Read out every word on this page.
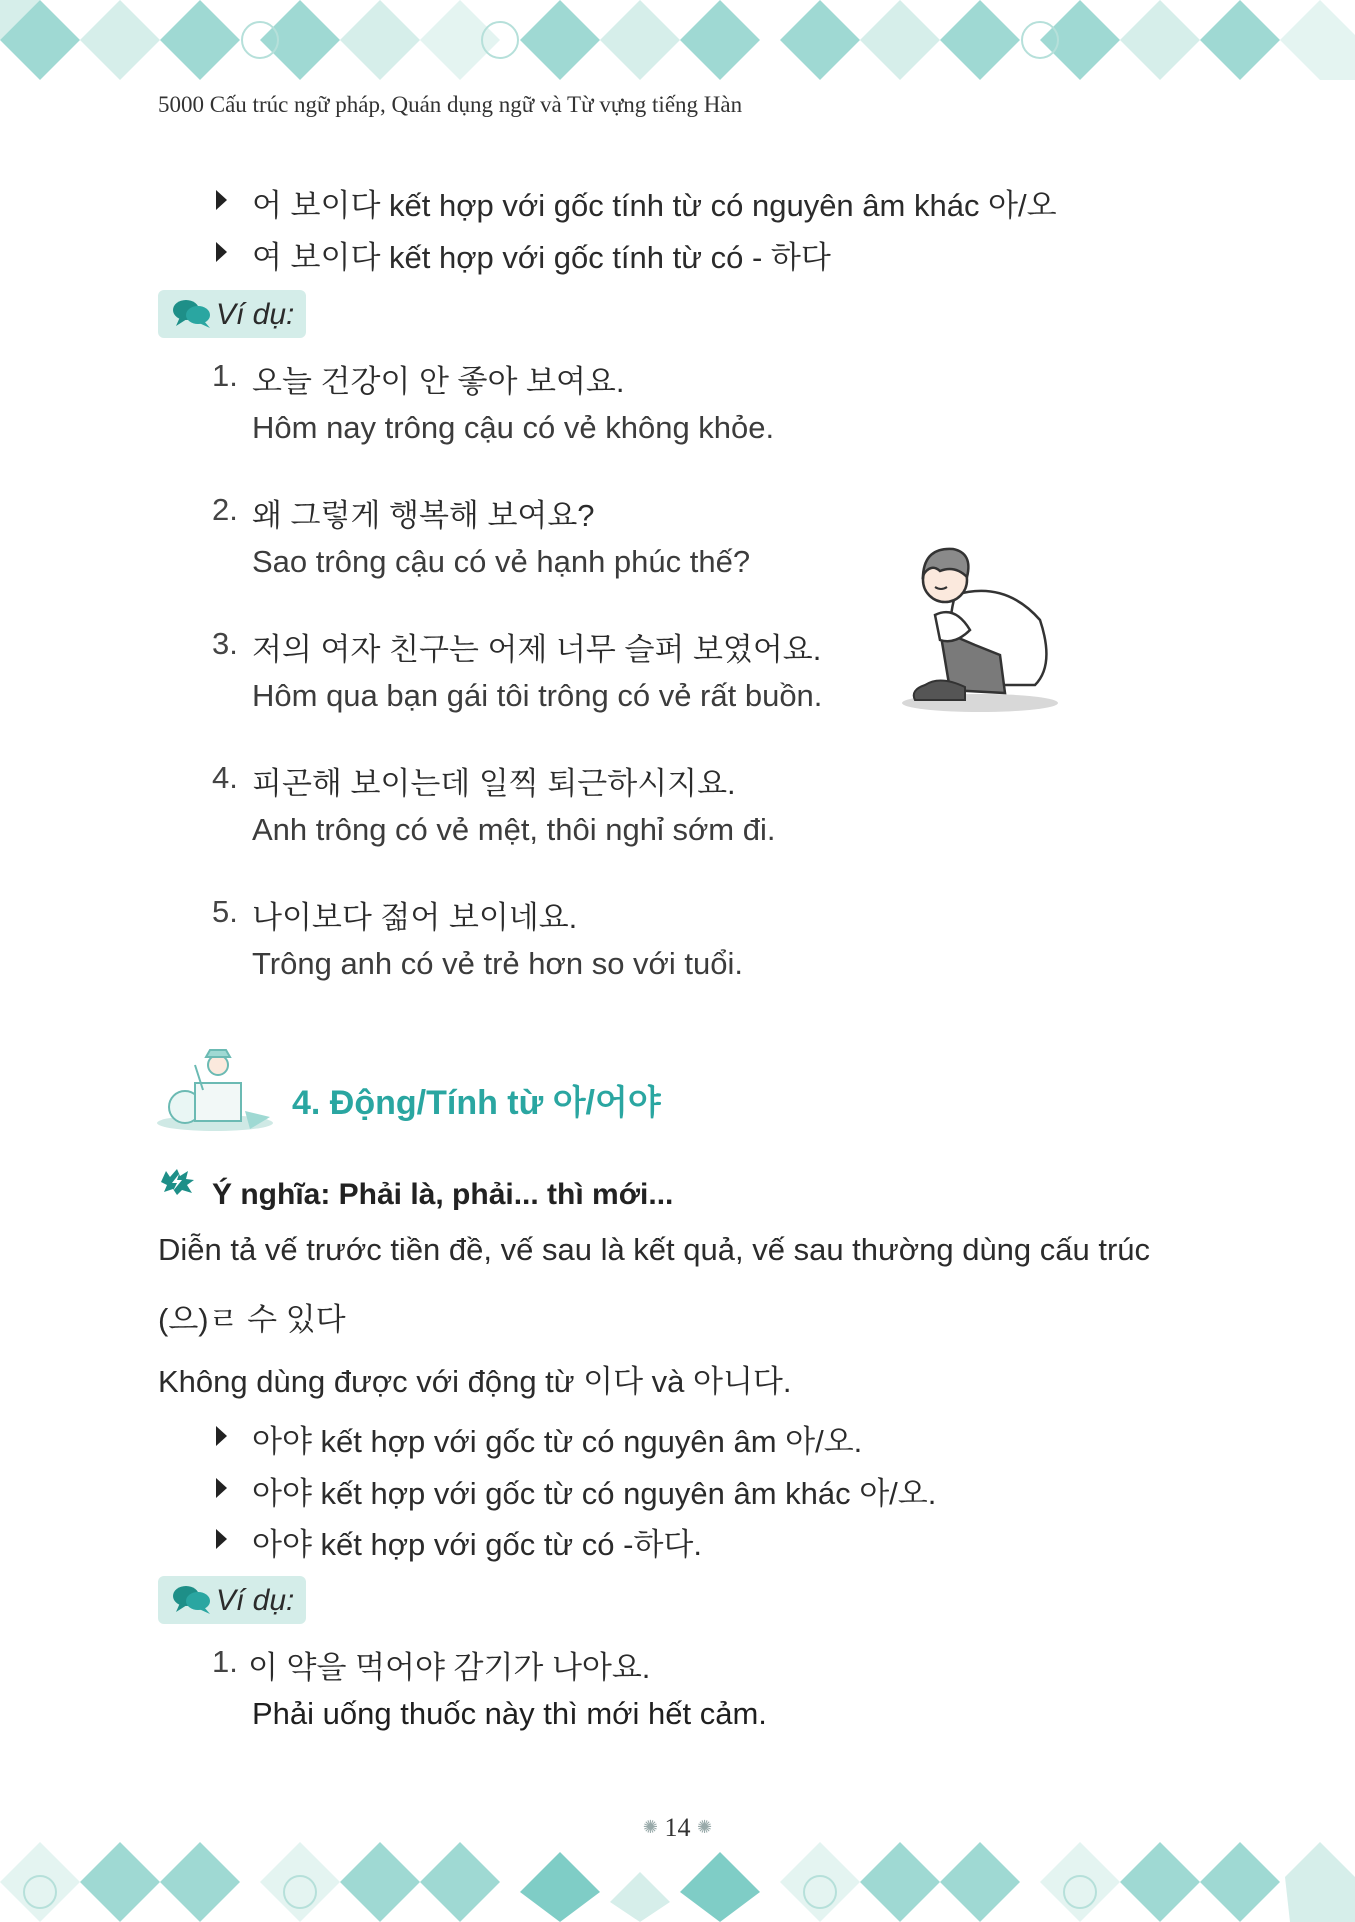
5000 Cấu trúc ngữ pháp, Quán dụng ngữ và Từ vựng tiếng Hàn
어 보이다 kết hợp với gốc tính từ có nguyên âm khác 아/오
여 보이다 kết hợp với gốc tính từ có - 하다
Ví dụ:
1. 오늘 건강이 안 좋아 보여요.
Hôm nay trông cậu có vẻ không khỏe.
2. 왜 그렇게 행복해 보여요?
Sao trông cậu có vẻ hạnh phúc thế?
3. 저의 여자 친구는 어제 너무 슬퍼 보였어요.
Hôm qua bạn gái tôi trông có vẻ rất buồn.
4. 피곤해 보이는데 일찍 퇴근하시지요.
Anh trông có vẻ mệt, thôi nghỉ sớm đi.
5. 나이보다 젊어 보이네요.
Trông anh có vẻ trẻ hơn so với tuổi.
4. Động/Tính từ 아/어야
Ý nghĩa: Phải là, phải... thì mới...
Diễn tả vế trước tiền đề, vế sau là kết quả, vế sau thường dùng cấu trúc
(으)ㄹ 수 있다
Không dùng được với động từ 이다 và 아니다.
아야 kết hợp với gốc từ có nguyên âm 아/오.
아야 kết hợp với gốc từ có nguyên âm khác 아/오.
아야 kết hợp với gốc từ có -하다.
Ví dụ:
1. 이 약을 먹어야 감기가 나아요.
Phải uống thuốc này thì mới hết cảm.
✺ 14 ✺
